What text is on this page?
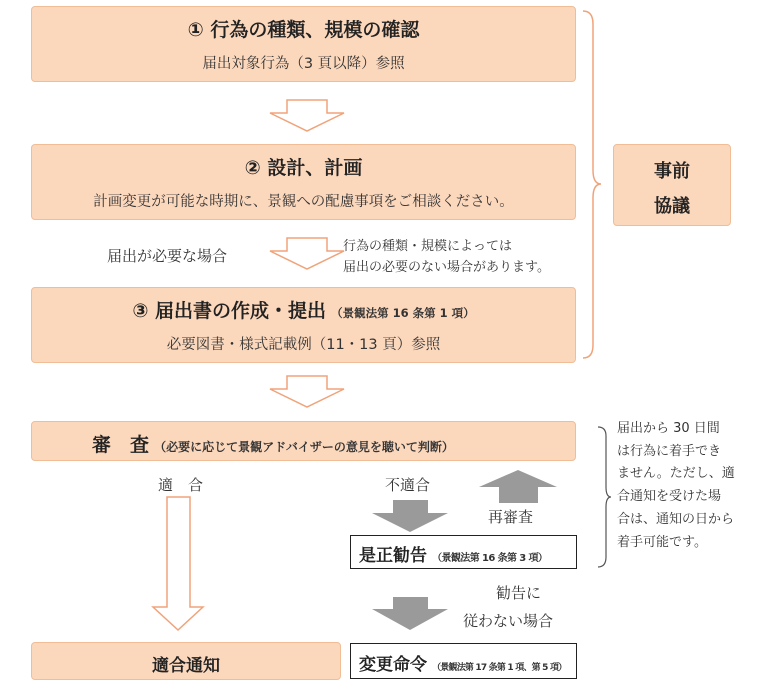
① 行為の種類、規模の確認
届出対象行為（3 頁以降）参照
② 設計、計画
計画変更が可能な時期に、景観への配慮事項をご相談ください。
③ 届出書の作成・提出 （景観法第 16 条第 1 項）
必要図書・様式記載例（11・13 頁）参照
届出が必要な場合
行為の種類・規模によっては
届出の必要のない場合があります。
事前
協議
審　査 （必要に応じて景観アドバイザーの意見を聴いて判断）
届出から 30 日間
は行為に着手でき
ません。ただし、適
合通知を受けた場
合は、通知の日から
着手可能です。
適　合	不適合
再審査
勧告に
従わない場合
是正勧告 （景観法第 16 条第 3 項）
適合通知	変更命令 （景観法第 17 条第 1 項、第 5 項）
